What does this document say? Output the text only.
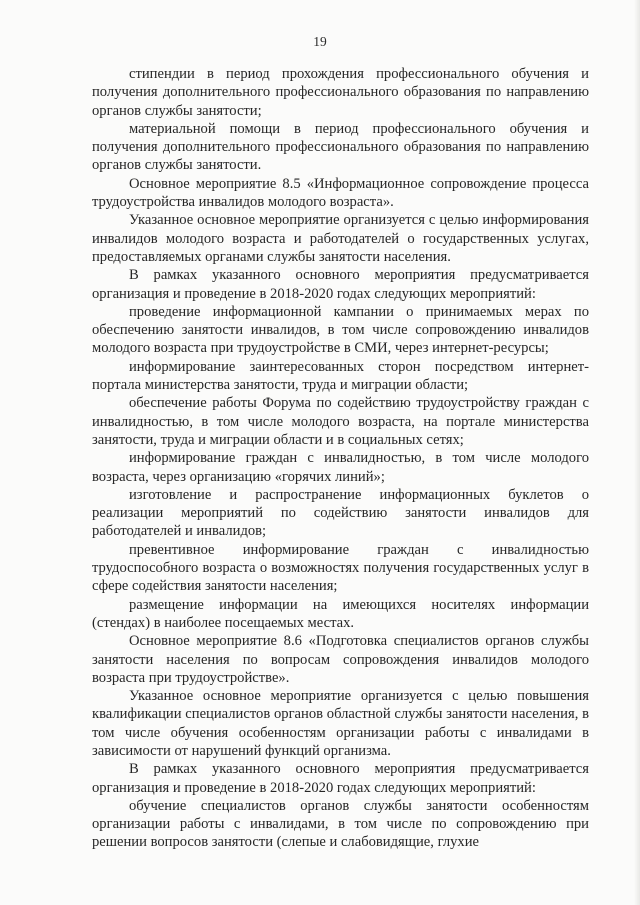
19

стипендии в период прохождения профессионального обучения и получения дополнительного профессионального образования по направлению органов службы занятости;

материальной помощи в период профессионального обучения и получения дополнительного профессионального образования по направлению органов службы занятости.

Основное мероприятие 8.5 «Информационное сопровождение процесса трудоустройства инвалидов молодого возраста».

Указанное основное мероприятие организуется с целью информирования инвалидов молодого возраста и работодателей о государственных услугах, предоставляемых органами службы занятости населения.

В рамках указанного основного мероприятия предусматривается организация и проведение в 2018-2020 годах следующих мероприятий:

проведение информационной кампании о принимаемых мерах по обеспечению занятости инвалидов, в том числе сопровождению инвалидов молодого возраста при трудоустройстве в СМИ, через интернет-ресурсы;

информирование заинтересованных сторон посредством интернет-портала министерства занятости, труда и миграции области;

обеспечение работы Форума по содействию трудоустройству граждан с инвалидностью, в том числе молодого возраста, на портале министерства занятости, труда и миграции области и в социальных сетях;

информирование граждан с инвалидностью, в том числе молодого возраста, через организацию «горячих линий»;

изготовление и распространение информационных буклетов о реализации мероприятий по содействию занятости инвалидов для работодателей и инвалидов;

превентивное информирование граждан с инвалидностью трудоспособного возраста о возможностях получения государственных услуг в сфере содействия занятости населения;

размещение информации на имеющихся носителях информации (стендах) в наиболее посещаемых местах.

Основное мероприятие 8.6 «Подготовка специалистов органов службы занятости населения по вопросам сопровождения инвалидов молодого возраста при трудоустройстве».

Указанное основное мероприятие организуется с целью повышения квалификации специалистов органов областной службы занятости населения, в том числе обучения особенностям организации работы с инвалидами в зависимости от нарушений функций организма.

В рамках указанного основного мероприятия предусматривается организация и проведение в 2018-2020 годах следующих мероприятий:

обучение специалистов органов службы занятости особенностям организации работы с инвалидами, в том числе по сопровождению при решении вопросов занятости (слепые и слабовидящие, глухие
